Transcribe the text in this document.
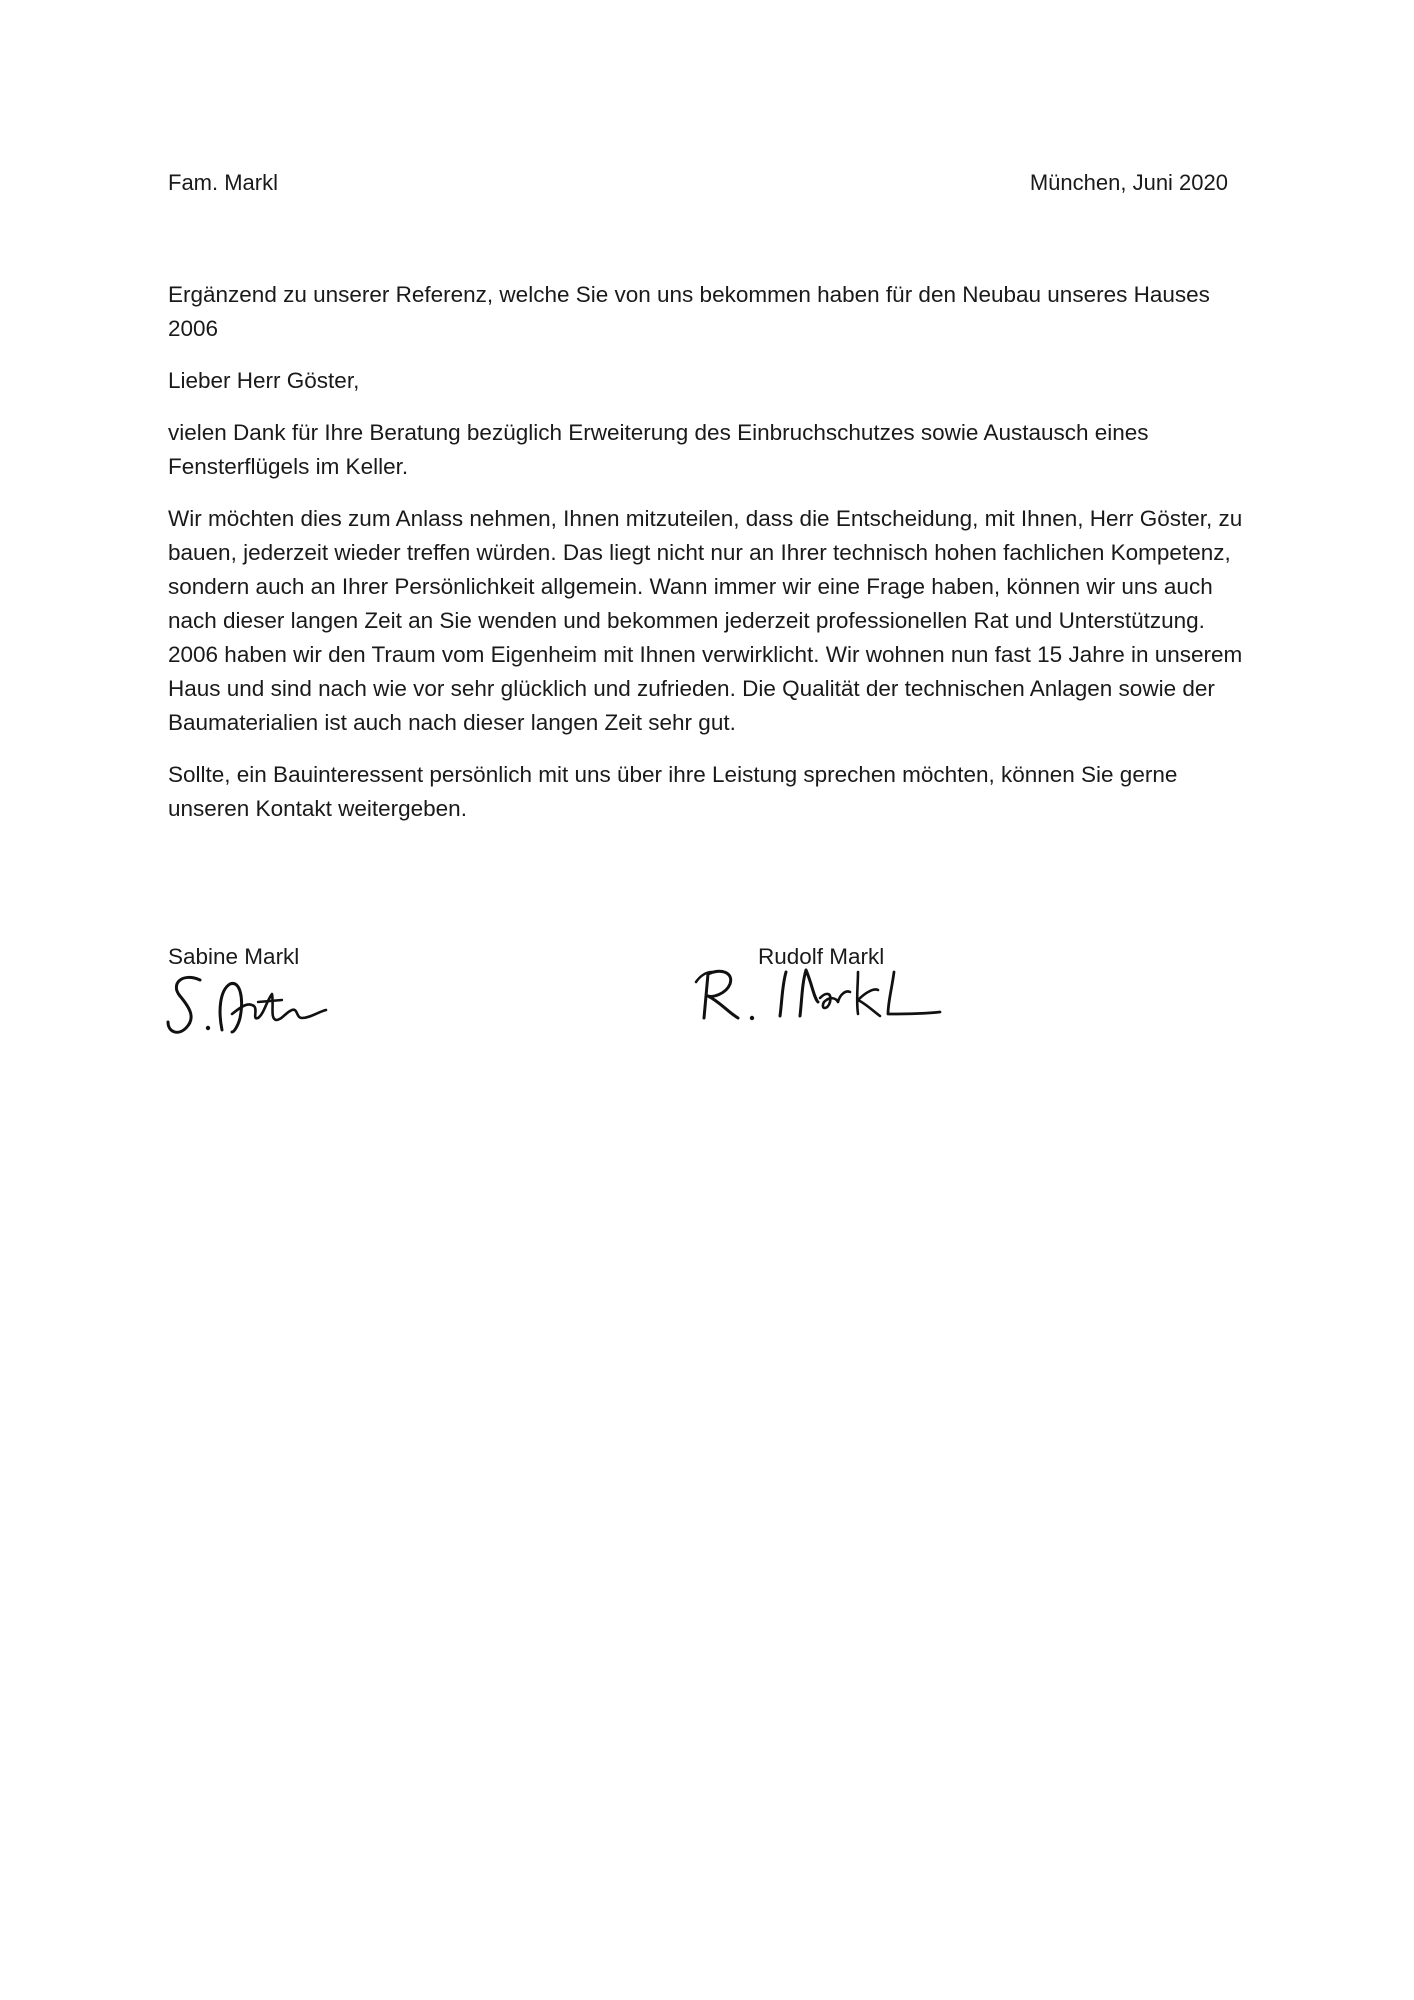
Fam. Markl	München, Juni 2020

Ergänzend zu unserer Referenz, welche Sie von uns bekommen haben für den Neubau unseres Hauses 2006

Lieber Herr Göster,

vielen Dank für Ihre Beratung bezüglich Erweiterung des Einbruchschutzes sowie Austausch eines Fensterflügels im Keller.

Wir möchten dies zum Anlass nehmen, Ihnen mitzuteilen, dass die Entscheidung, mit Ihnen, Herr Göster, zu bauen, jederzeit wieder treffen würden. Das liegt nicht nur an Ihrer technisch hohen fachlichen Kompetenz, sondern auch an Ihrer Persönlichkeit allgemein. Wann immer wir eine Frage haben, können wir uns auch nach dieser langen Zeit an Sie wenden und bekommen jederzeit professionellen Rat und Unterstützung. 2006 haben wir den Traum vom Eigenheim mit Ihnen verwirklicht. Wir wohnen nun fast 15 Jahre in unserem Haus und sind nach wie vor sehr glücklich und zufrieden. Die Qualität der technischen Anlagen sowie der Baumaterialien ist auch nach dieser langen Zeit sehr gut.

Sollte, ein Bauinteressent persönlich mit uns über ihre Leistung sprechen möchten, können Sie gerne unseren Kontakt weitergeben.

Sabine Markl	Rudolf Markl
